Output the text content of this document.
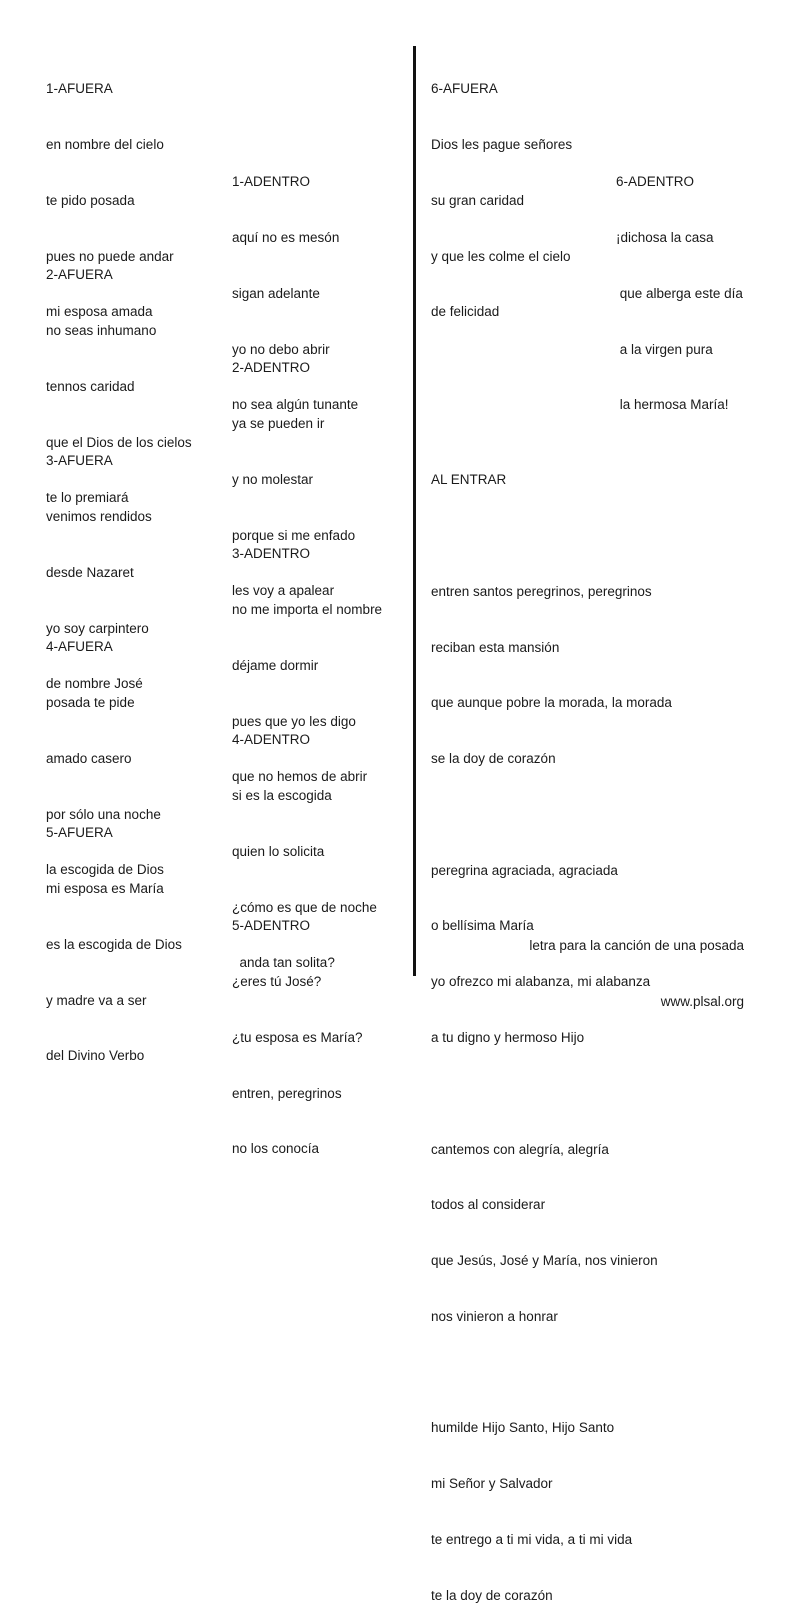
1-AFUERA

en nombre del cielo

te pido posada

pues no puede andar

mi esposa amada

2-AFUERA

no seas inhumano

tennos caridad

que el Dios de los cielos

te lo premiará

3-AFUERA

venimos rendidos

desde Nazaret

yo soy carpintero

de nombre José

4-AFUERA

posada te pide

amado casero

por sólo una noche

la escogida de Dios

5-AFUERA

mi esposa es María

es la escogida de Dios

y madre va a ser

del Divino Verbo

1-ADENTRO

aquí no es mesón

sigan adelante

yo no debo abrir

no sea algún tunante

2-ADENTRO

ya se pueden ir

y no molestar

porque si me enfado

les voy a apalear

3-ADENTRO

no me importa el nombre

déjame dormir

pues que yo les digo

que no hemos de abrir

4-ADENTRO

si es la escogida

quien lo solicita

¿cómo es que de noche

anda tan solita?

5-ADENTRO

¿eres tú José?

¿tu esposa es María?

entren, peregrinos

no los conocía

6-AFUERA

Dios les pague señores

su gran caridad

y que les colme el cielo

de felicidad

6-ADENTRO

¡dichosa la casa

que alberga este día

a la virgen pura

la hermosa María!

AL ENTRAR

entren santos peregrinos, peregrinos

reciban esta mansión

que aunque pobre la morada, la morada

se la doy de corazón

peregrina agraciada, agraciada

o bellísima María

yo ofrezco mi alabanza, mi alabanza

a tu digno y hermoso Hijo

cantemos con alegría, alegría

todos al considerar

que Jesús, José y María, nos vinieron

nos vinieron a honrar

humilde Hijo Santo, Hijo Santo

mi Señor y Salvador

te entrego a ti mi vida, a ti mi vida

te la doy de corazón

letra para la canción de una posada

www.plsal.org
